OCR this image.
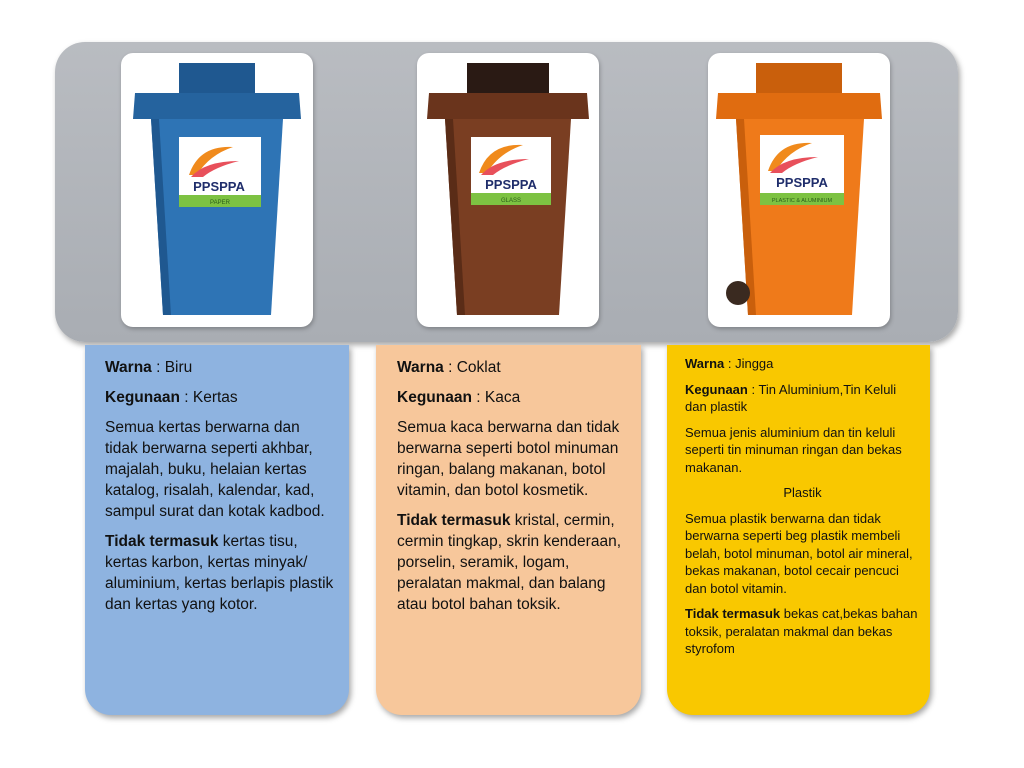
PPSPPA
PAPER
PPSPPA
GLASS
PPSPPA
PLASTIC & ALUMINIUM

Warna : Biru

Kegunaan : Kertas

Semua kertas berwarna dan tidak berwarna seperti akhbar, majalah, buku, helaian kertas katalog, risalah, kalendar, kad, sampul surat dan kotak kadbod.

Tidak termasuk kertas tisu, kertas karbon, kertas minyak/ aluminium, kertas berlapis plastik dan kertas yang kotor.

Warna : Coklat

Kegunaan : Kaca

Semua kaca berwarna dan tidak berwarna seperti botol minuman ringan, balang makanan, botol vitamin, dan botol kosmetik.

Tidak termasuk kristal, cermin, cermin tingkap, skrin kenderaan, porselin, seramik, logam, peralatan makmal, dan balang atau botol bahan toksik.

Warna : Jingga

Kegunaan : Tin Aluminium,Tin Keluli dan plastik

Semua jenis aluminium dan tin keluli seperti tin minuman ringan dan bekas makanan.

Plastik

Semua plastik berwarna dan tidak berwarna seperti beg plastik membeli belah, botol minuman, botol air mineral, bekas makanan, botol cecair pencuci dan botol vitamin.

Tidak termasuk bekas cat,bekas bahan toksik, peralatan makmal dan bekas styrofom
